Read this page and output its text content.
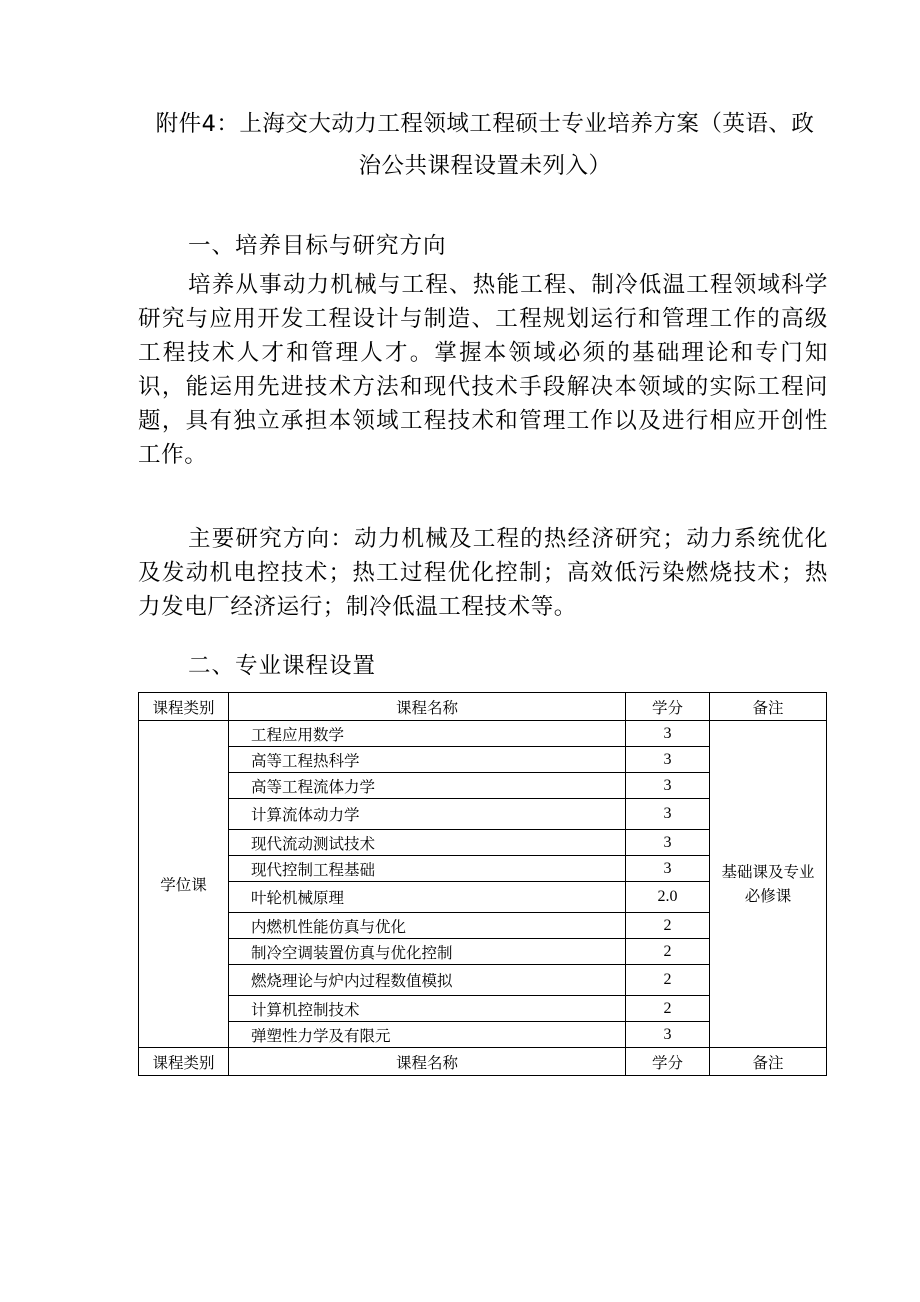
附件4：上海交大动力工程领域工程硕士专业培养方案（英语、政
治公共课程设置未列入）
一、培养目标与研究方向
培养从事动力机械与工程、热能工程、制冷低温工程领域科学研究与应用开发工程设计与制造、工程规划运行和管理工作的高级工程技术人才和管理人才。掌握本领域必须的基础理论和专门知识，能运用先进技术方法和现代技术手段解决本领域的实际工程问题，具有独立承担本领域工程技术和管理工作以及进行相应开创性工作。
主要研究方向：动力机械及工程的热经济研究；动力系统优化及发动机电控技术；热工过程优化控制；高效低污染燃烧技术；热力发电厂经济运行；制冷低温工程技术等。
二、专业课程设置
课程类别	课程名称	学分	备注
学位课	工程应用数学	3	基础课及专业必修课

	高等工程热科学	3	
	高等工程流体力学	3	
	计算流体动力学	3	
	现代流动测试技术	3	
	现代控制工程基础	3	
	叶轮机械原理	2.0	
	内燃机性能仿真与优化	2	
	制冷空调装置仿真与优化控制	2	
	燃烧理论与炉内过程数值模拟	2	
	计算机控制技术	2	
	弹塑性力学及有限元	3	
课程类别	课程名称	学分	备注
